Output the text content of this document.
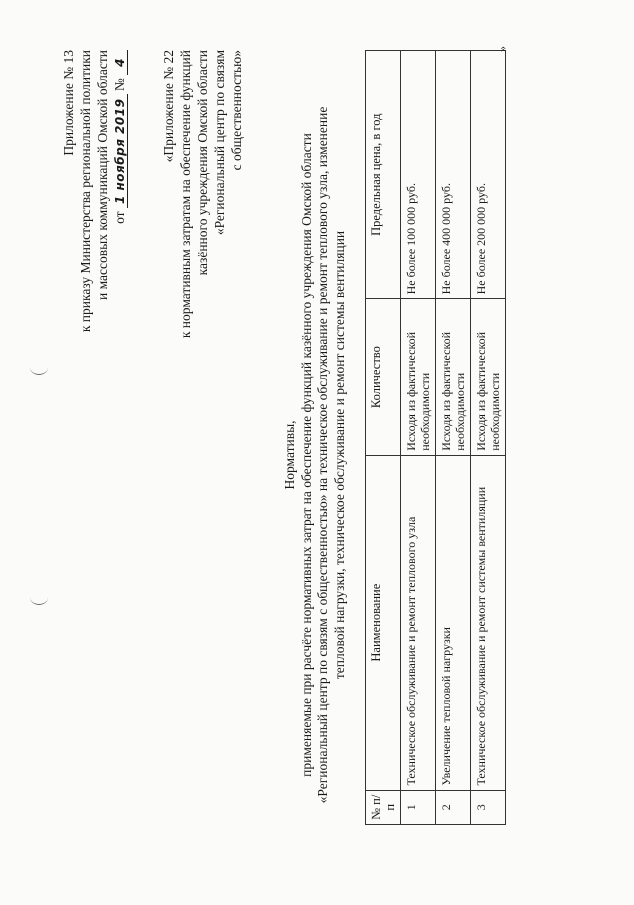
Приложение № 13 к приказу Министерства региональной политики и массовых коммуникаций Омской области от 1 ноября 2019 № 4	«Приложение № 22 к нормативным затратам на обеспечение функций казённого учреждения Омской области «Региональный центр по связям с общественностью»
Нормативы, применяемые при расчёте нормативных затрат на обеспечение функций казённого учреждения Омской области «Региональный центр по связям с общественностью» на техническое обслуживание и ремонт теплового узла, изменение тепловой нагрузки, техническое обслуживание и ремонт системы вентиляции
№ п/п	Наименование	Количество	Предельная цена, в год
1	Техническое обслуживание и ремонт теплового узла	Исходя из фактической необходимости	Не более 100 000 руб.
2	Увеличение тепловой нагрузки	Исходя из фактической необходимости	Не более 400 000 руб.
3	Техническое обслуживание и ремонт системы вентиляции	Исходя из фактической необходимости	Не более 200 000 руб.
»
